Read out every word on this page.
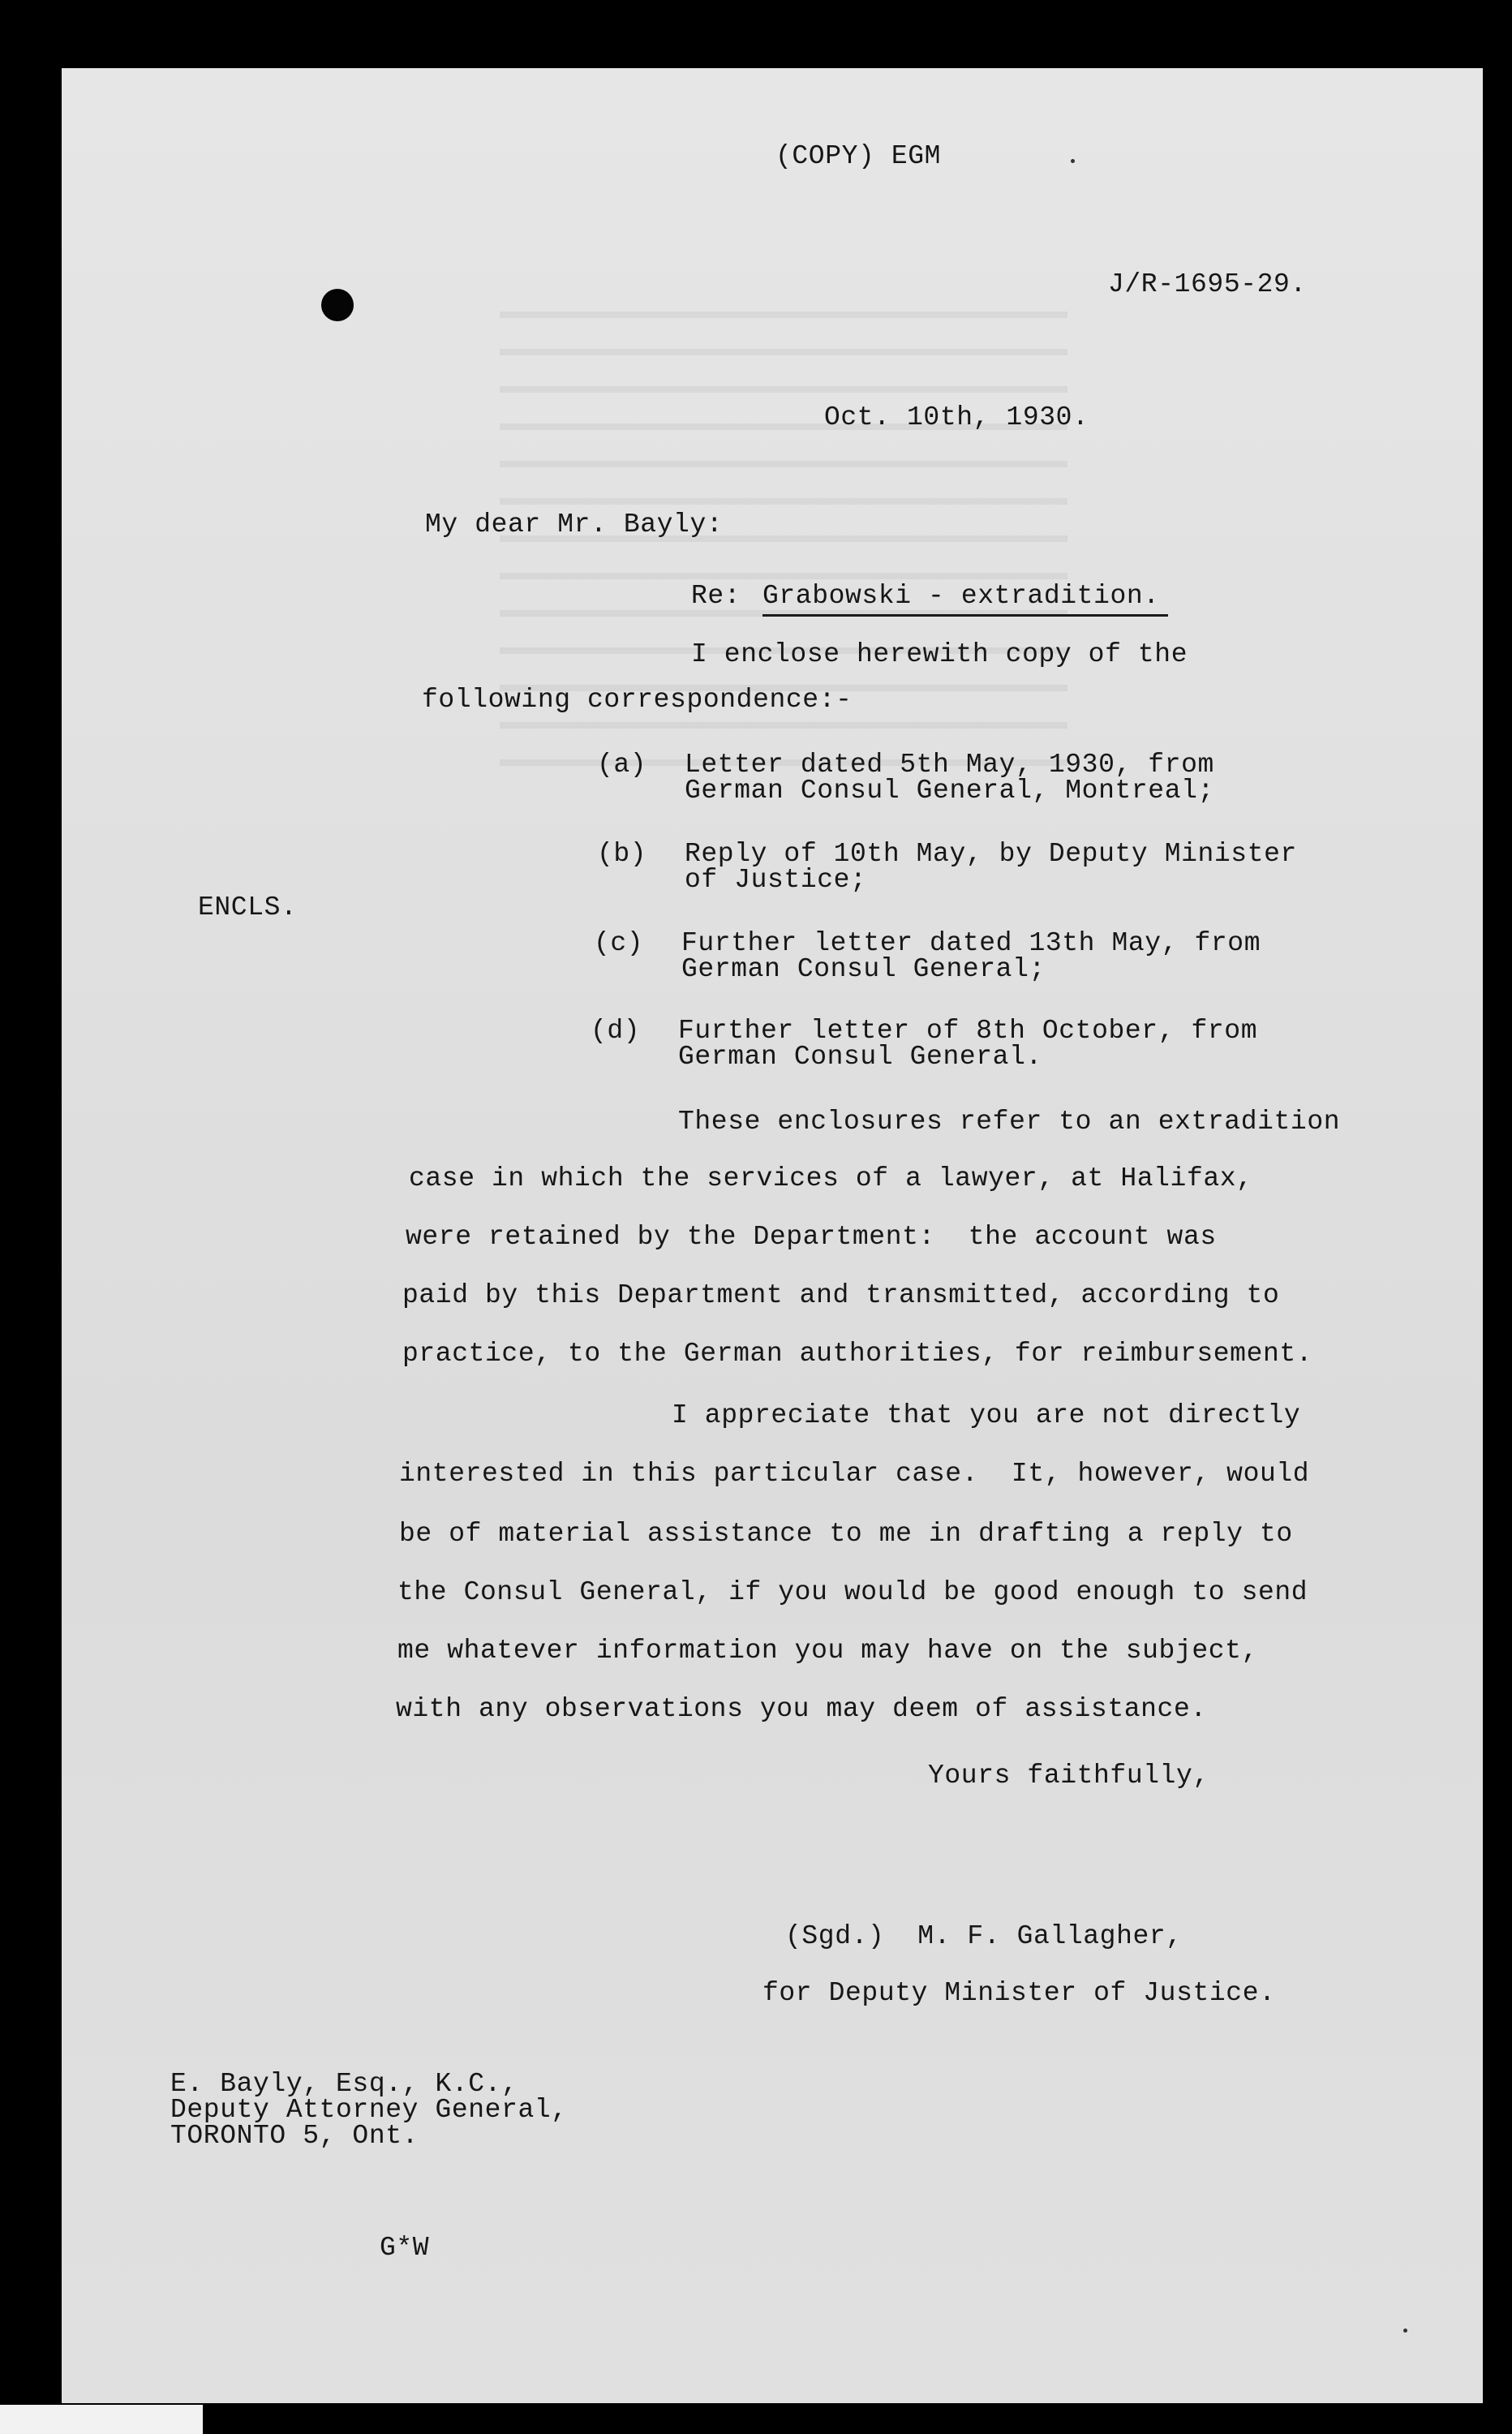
(COPY) EGM
J/R-1695-29.
Oct. 10th, 1930.
My dear Mr. Bayly:
Re: Grabowski - extradition.
I enclose herewith copy of the
following correspondence:-
ENCLS.
(a) Letter dated 5th May, 1930, from
German Consul General, Montreal;
(b) Reply of 10th May, by Deputy Minister
of Justice;
(c) Further letter dated 13th May, from
German Consul General;
(d) Further letter of 8th October, from
German Consul General.
These enclosures refer to an extradition
case in which the services of a lawyer, at Halifax,
were retained by the Department:  the account was
paid by this Department and transmitted, according to
practice, to the German authorities, for reimbursement.
I appreciate that you are not directly
interested in this particular case.  It, however, would
be of material assistance to me in drafting a reply to
the Consul General, if you would be good enough to send
me whatever information you may have on the subject,
with any observations you may deem of assistance.
Yours faithfully,
(Sgd.)  M. F. Gallagher,
for Deputy Minister of Justice.
E. Bayly, Esq., K.C.,
Deputy Attorney General,
TORONTO 5, Ont.
G*W
